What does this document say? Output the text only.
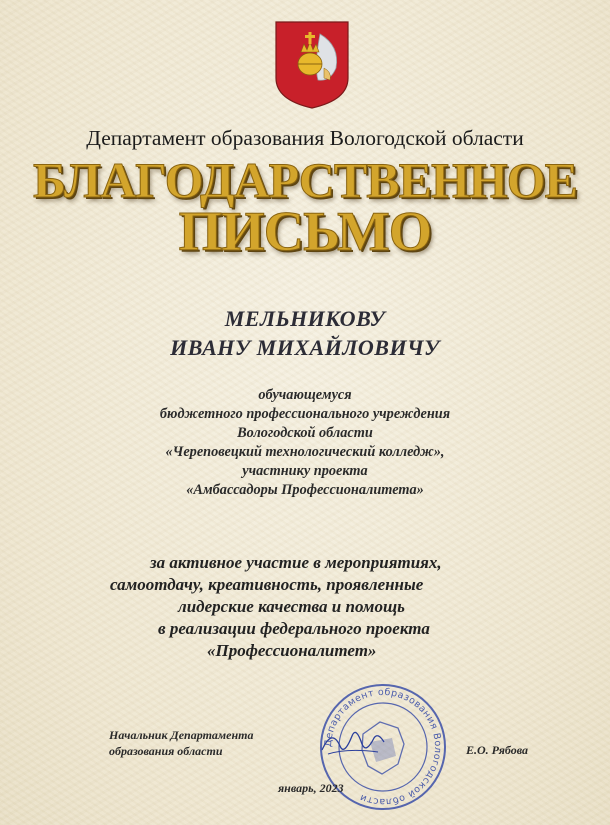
Департамент образования Вологодской области
БЛАГОДАРСТВЕННОЕ
ПИСЬМО
МЕЛЬНИКОВУ
ИВАНУ МИХАЙЛОВИЧУ
обучающемуся
бюджетного профессионального учреждения
Вологодской области
«Череповецкий технологический колледж»,
участнику проекта
«Амбассадоры Профессионалитета»
за активное участие в мероприятиях,
самоотдачу, креативность, проявленные
лидерские качества и помощь
в реализации федерального проекта
«Профессионалитет»
Начальник Департамента
образования области
Департамент образования Вологодской области
Е.О. Рябова
январь, 2023
